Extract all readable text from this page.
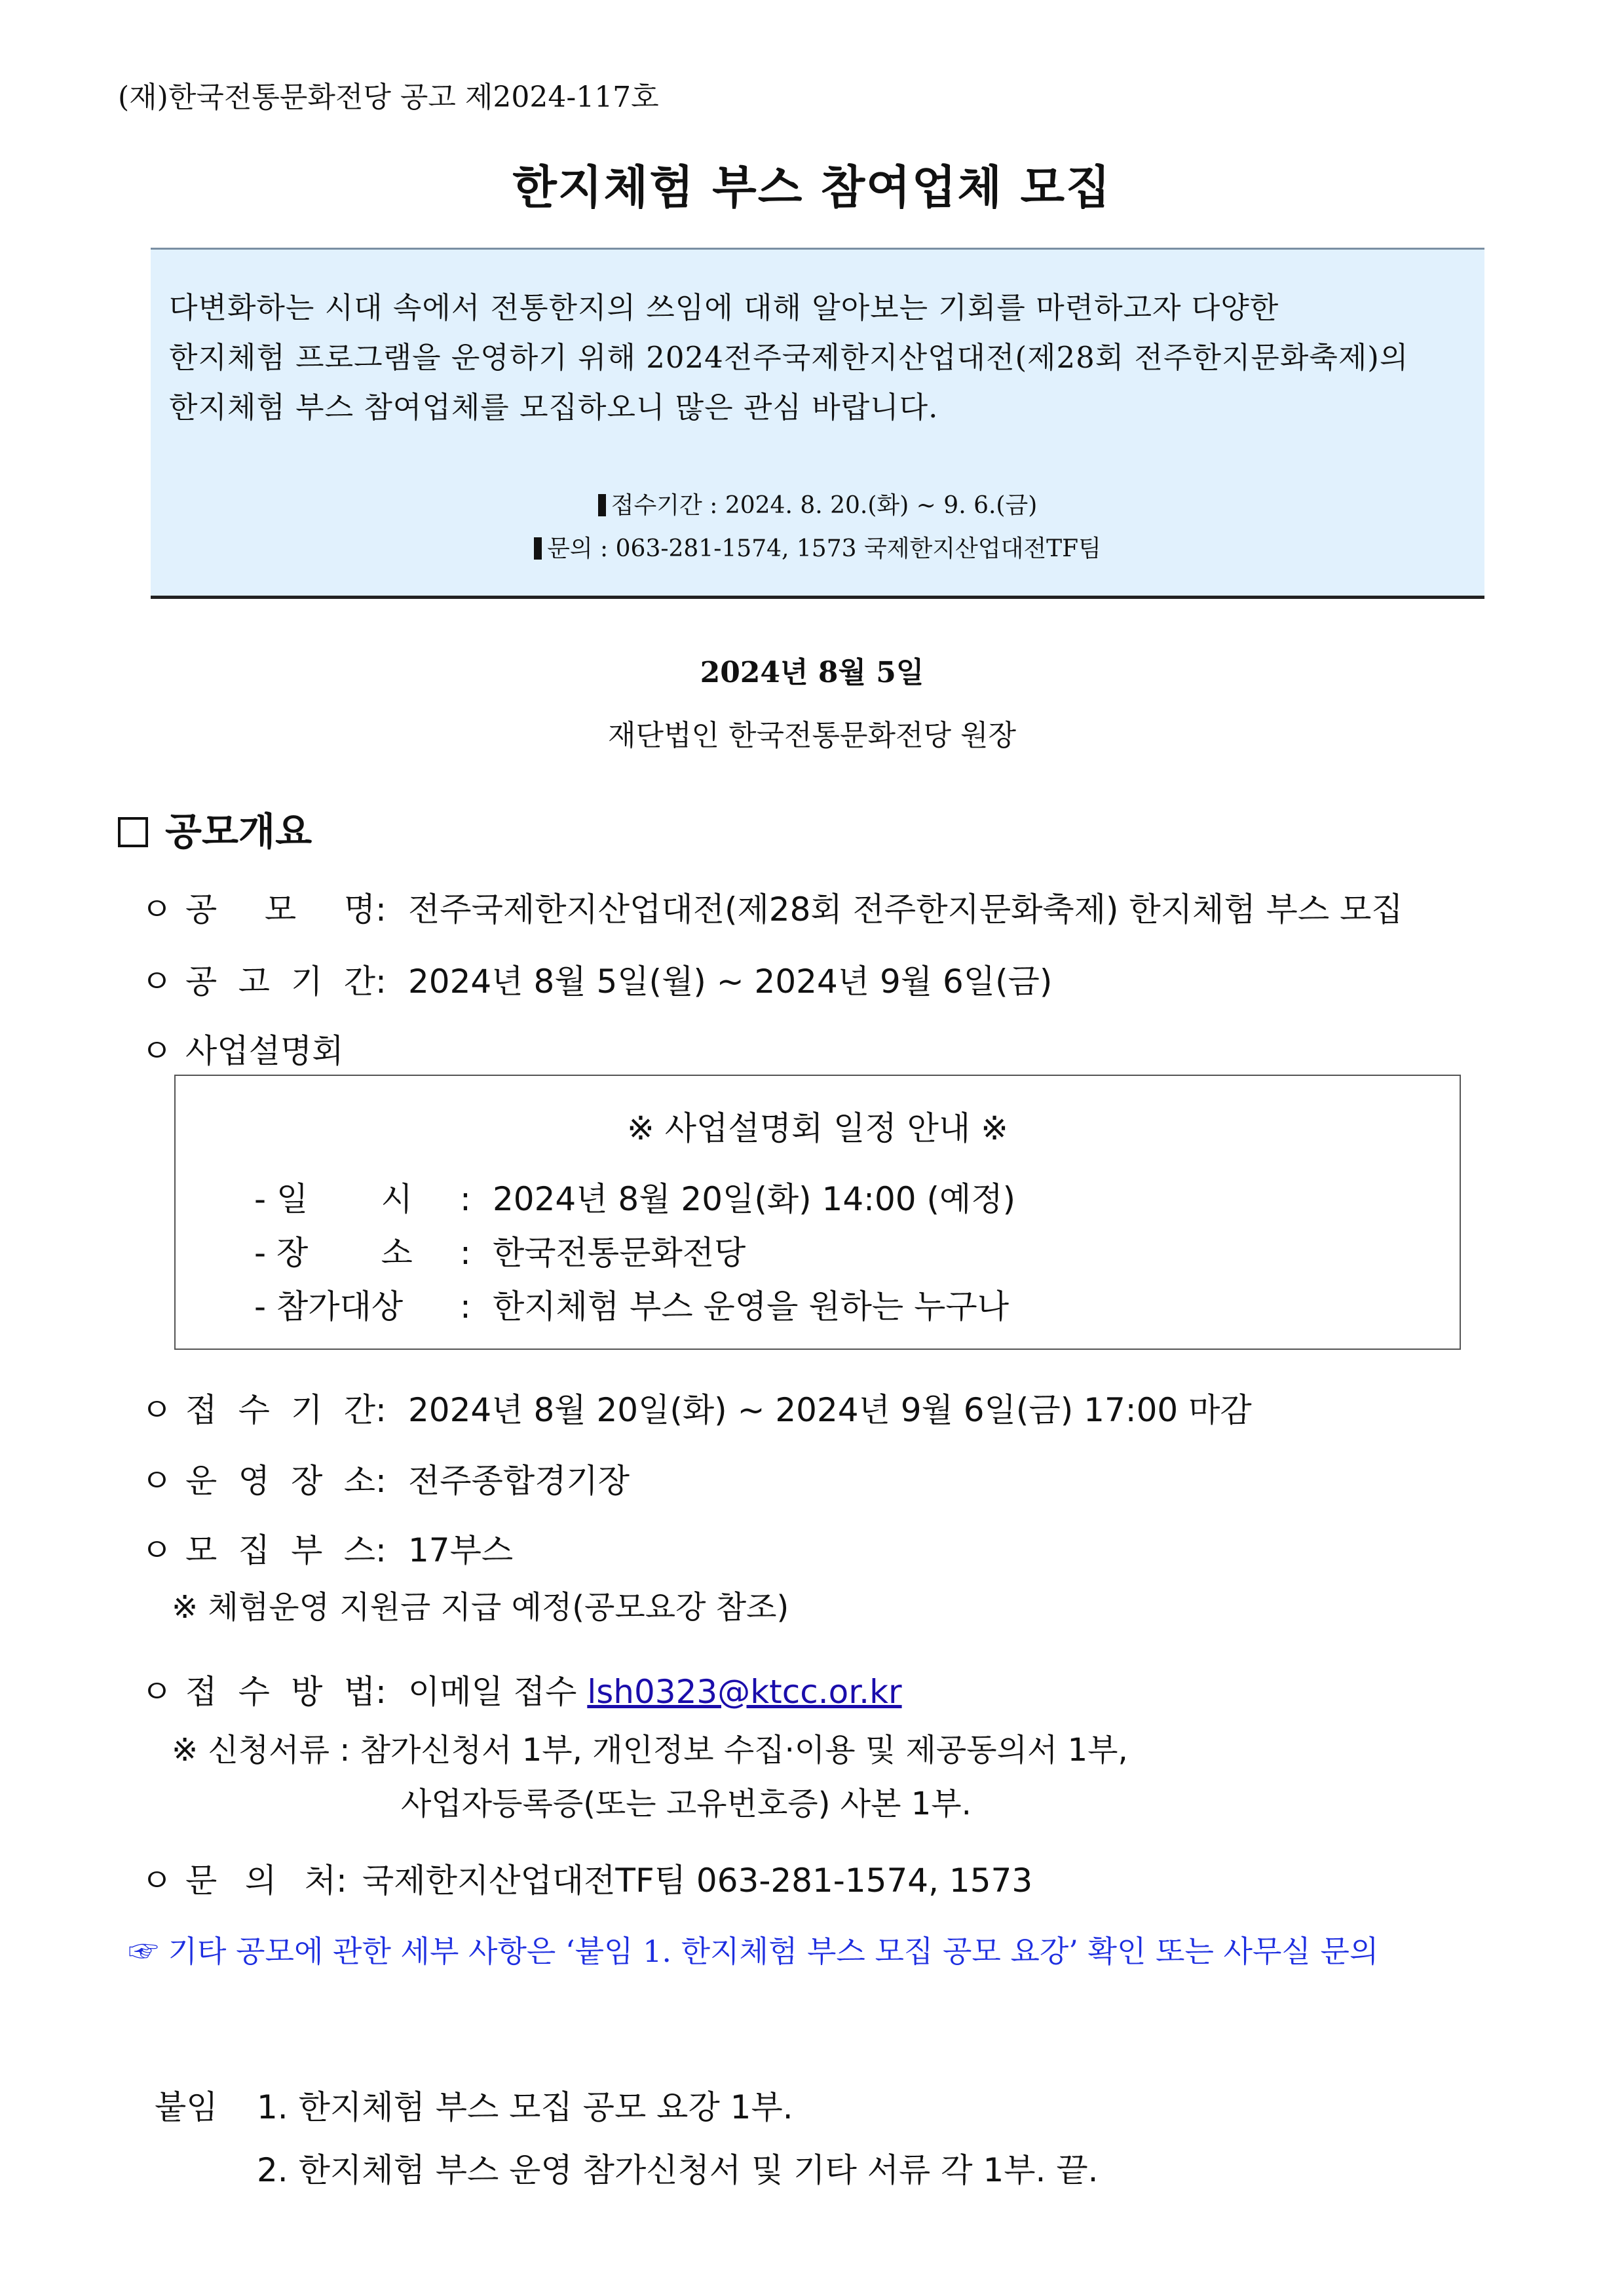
(재)한국전통문화전당 공고 제2024-117호
한지체험 부스 참여업체 모집
다변화하는 시대 속에서 전통한지의 쓰임에 대해 알아보는 기회를 마련하고자 다양한
한지체험 프로그램을 운영하기 위해 2024전주국제한지산업대전(제28회 전주한지문화축제)의
한지체험 부스 참여업체를 모집하오니 많은 관심 바랍니다.
접수기간 : 2024. 8. 20.(화) ~ 9. 6.(금)
문의 : 063-281-1574, 1573 국제한지산업대전TF팀
2024년 8월 5일
재단법인 한국전통문화전당 원장
공모개요
ㅇ 공 모 명 : 전주국제한지산업대전(제28회 전주한지문화축제) 한지체험 부스 모집
ㅇ 공 고 기 간 : 2024년 8월 5일(월) ~ 2024년 9월 6일(금)
ㅇ 사업설명회
※ 사업설명회 일정 안내 ※
- 일       시 : 2024년 8월 20일(화) 14:00 (예정)
- 장       소 : 한국전통문화전당
- 참가대상 : 한지체험 부스 운영을 원하는 누구나
ㅇ 접 수 기 간 : 2024년 8월 20일(화) ~ 2024년 9월 6일(금) 17:00 마감
ㅇ 운 영 장 소 : 전주종합경기장
ㅇ 모 집 부 스 : 17부스
※ 체험운영 지원금 지급 예정(공모요강 참조)
ㅇ 접 수 방 법 : 이메일 접수 lsh0323@ktcc.or.kr
※ 신청서류 : 참가신청서 1부, 개인정보 수집·이용 및 제공동의서 1부,
사업자등록증(또는 고유번호증) 사본 1부.
ㅇ 문 의 처 : 국제한지산업대전TF팀 063-281-1574, 1573
☞ 기타 공모에 관한 세부 사항은 ‘붙임 1. 한지체험 부스 모집 공모 요강’ 확인 또는 사무실 문의
붙임 1. 한지체험 부스 모집 공모 요강 1부.
2. 한지체험 부스 운영 참가신청서 및 기타 서류 각 1부. 끝.
